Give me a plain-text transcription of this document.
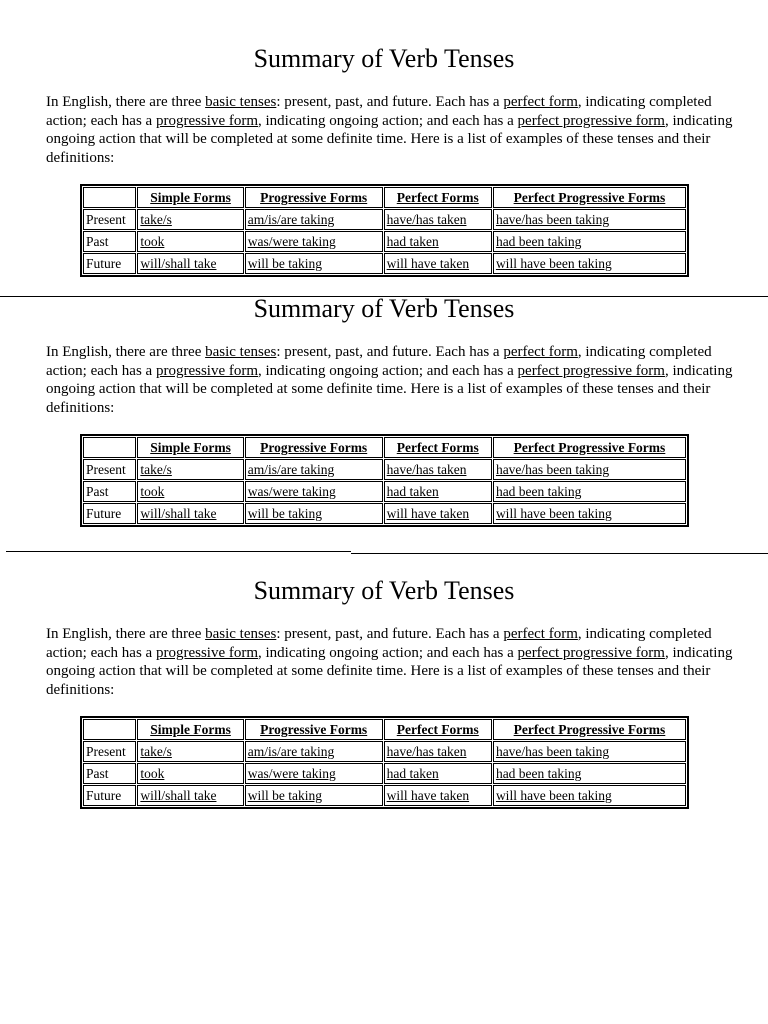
Summary of Verb Tenses

In English, there are three basic tenses: present, past, and future. Each has a perfect form, indicating completed action; each has a progressive form, indicating ongoing action; and each has a perfect progressive form, indicating ongoing action that will be completed at some definite time. Here is a list of examples of these tenses and their definitions:

	Simple Forms	Progressive Forms	Perfect Forms	Perfect Progressive Forms
Present	take/s	am/is/are taking	have/has taken	have/has been taking
Past	took	was/were taking	had taken	had been taking
Future	will/shall take	will be taking	will have taken	will have been taking
Summary of Verb Tenses

In English, there are three basic tenses: present, past, and future. Each has a perfect form, indicating completed action; each has a progressive form, indicating ongoing action; and each has a perfect progressive form, indicating ongoing action that will be completed at some definite time. Here is a list of examples of these tenses and their definitions:

	Simple Forms	Progressive Forms	Perfect Forms	Perfect Progressive Forms
Present	take/s	am/is/are taking	have/has taken	have/has been taking
Past	took	was/were taking	had taken	had been taking
Future	will/shall take	will be taking	will have taken	will have been taking
Summary of Verb Tenses

In English, there are three basic tenses: present, past, and future. Each has a perfect form, indicating completed action; each has a progressive form, indicating ongoing action; and each has a perfect progressive form, indicating ongoing action that will be completed at some definite time. Here is a list of examples of these tenses and their definitions:

	Simple Forms	Progressive Forms	Perfect Forms	Perfect Progressive Forms
Present	take/s	am/is/are taking	have/has taken	have/has been taking
Past	took	was/were taking	had taken	had been taking
Future	will/shall take	will be taking	will have taken	will have been taking
